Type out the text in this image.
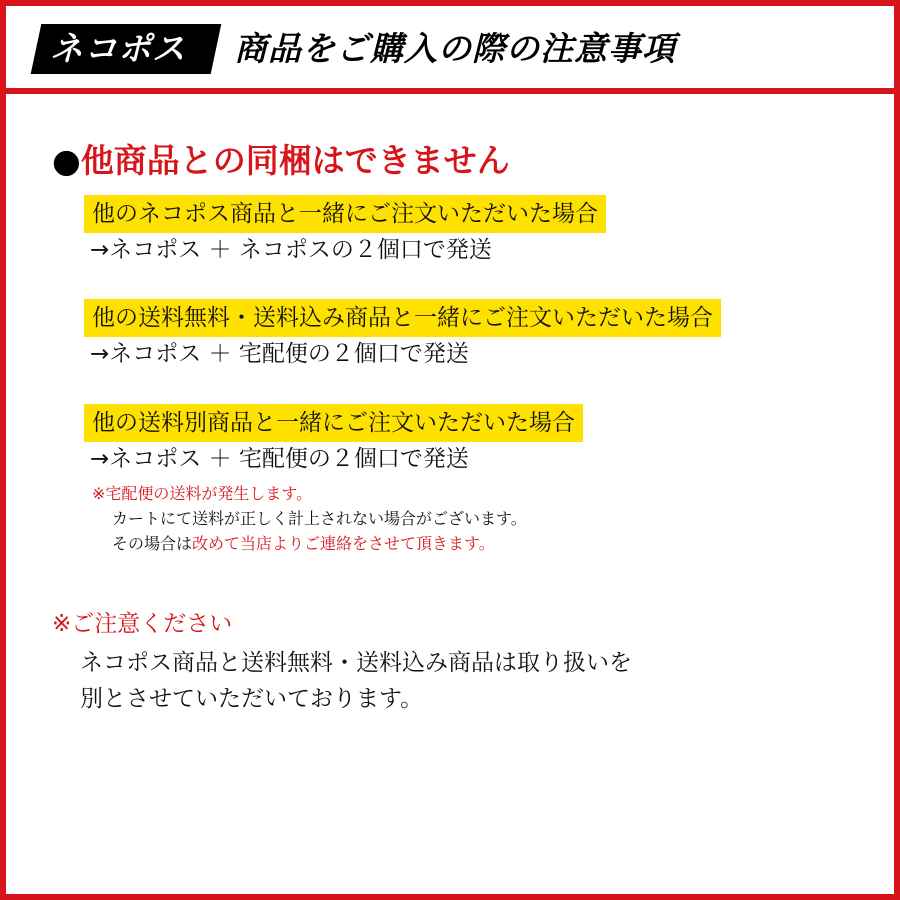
ネコポス 商品をご購入の際の注意事項
●他商品との同梱はできません
他のネコポス商品と一緒にご注文いただいた場合
→ネコポス ＋ ネコポスの２個口で発送
他の送料無料・送料込み商品と一緒にご注文いただいた場合
→ネコポス ＋ 宅配便の２個口で発送
他の送料別商品と一緒にご注文いただいた場合
→ネコポス ＋ 宅配便の２個口で発送
※宅配便の送料が発生します。
カートにて送料が正しく計上されない場合がございます。
その場合は改めて当店よりご連絡をさせて頂きます。
※ご注意ください
ネコポス商品と送料無料・送料込み商品は取り扱いを
別とさせていただいております。
